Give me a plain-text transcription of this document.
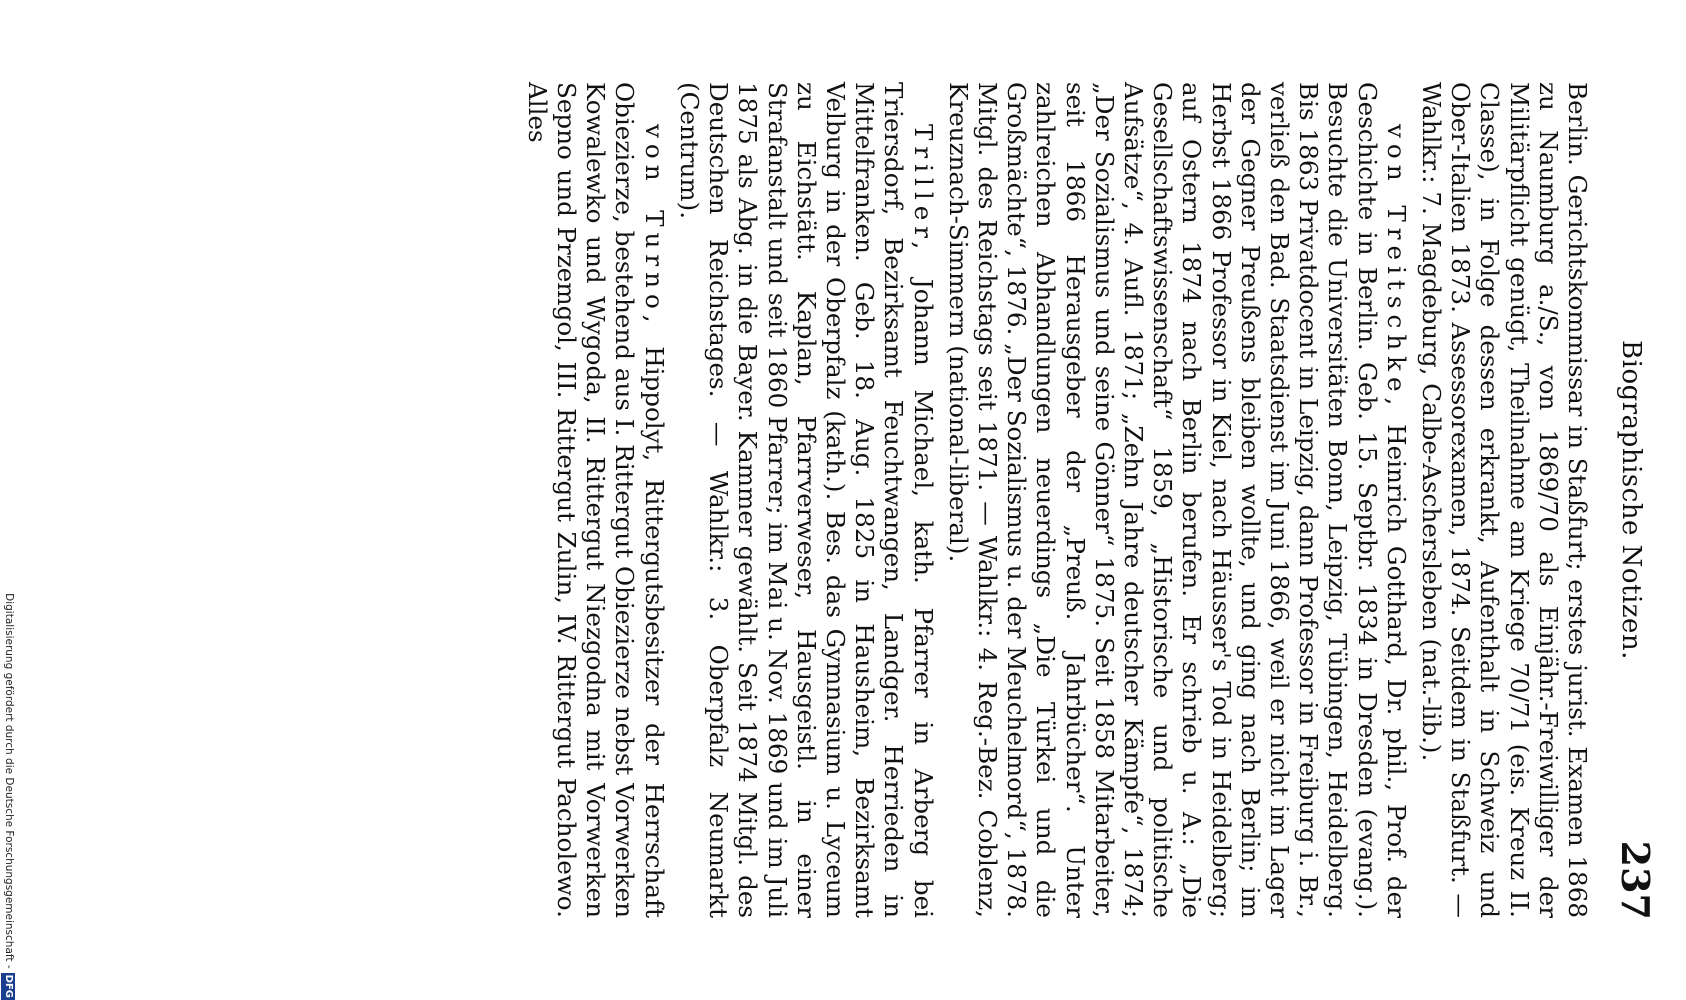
Biographische Notizen.
237

Berlin. Gerichtskommissar in Staßfurt; erstes jurist. Examen 1868 zu Naumburg a./S., von 1869/70 als Einjähr.-Freiwilliger der Militärpflicht genügt, Theilnahme am Kriege 70/71 (eis. Kreuz II. Classe), in Folge dessen erkrankt, Aufenthalt in Schweiz und Ober-Italien 1873. Assessorexamen, 1874. Seitdem in Staßfurt. — Wahlkr.: 7. Magdeburg, Calbe-Aschersleben (nat.-lib.).

von Treitschke, Heinrich Gotthard, Dr. phil., Prof. der Geschichte in Berlin. Geb. 15. Septbr. 1834 in Dresden (evang.). Besuchte die Universitäten Bonn, Leipzig, Tübingen, Heidelberg. Bis 1863 Privatdocent in Leipzig, dann Professor in Freiburg i. Br., verließ den Bad. Staatsdienst im Juni 1866, weil er nicht im Lager der Gegner Preußens bleiben wollte, und ging nach Berlin; im Herbst 1866 Professor in Kiel, nach Häusser's Tod in Heidelberg; auf Ostern 1874 nach Berlin berufen. Er schrieb u. A.: „Die Gesellschaftswissenschaft“ 1859, „Historische und politische Aufsätze“, 4. Aufl. 1871; „Zehn Jahre deutscher Kämpfe“, 1874; „Der Sozialismus und seine Gönner“ 1875. Seit 1858 Mitarbeiter, seit 1866 Herausgeber der „Preuß. Jahrbücher“. Unter zahlreichen Abhandlungen neuerdings „Die Türkei und die Großmächte“, 1876. „Der Sozialismus u. der Meuchelmord“, 1878. Mitgl. des Reichstags seit 1871. — Wahlkr.: 4. Reg.-Bez. Coblenz, Kreuznach-Simmern (national-liberal).

Triller, Johann Michael, kath. Pfarrer in Arberg bei Triersdorf, Bezirksamt Feuchtwangen, Landger. Herrieden in Mittelfranken. Geb. 18. Aug. 1825 in Hausheim, Bezirksamt Velburg in der Oberpfalz (kath.). Bes. das Gymnasium u. Lyceum zu Eichstätt. Kaplan, Pfarrverweser, Hausgeistl. in einer Strafanstalt und seit 1860 Pfarrer; im Mai u. Nov. 1869 und im Juli 1875 als Abg. in die Bayer. Kammer gewählt. Seit 1874 Mitgl. des Deutschen Reichstages. — Wahlkr.: 3. Oberpfalz Neumarkt (Centrum).

von Turno, Hippolyt, Rittergutsbesitzer der Herrschaft Obiezierze, bestehend aus I. Rittergut Obiezierze nebst Vorwerken Kowalewko und Wygoda, II. Rittergut Niezgodna mit Vorwerken Sepno und Przemgol, III. Rittergut Zulin, IV. Rittergut Pacholewo. Alles

Digitalisierung gefördert durch die Deutsche Forschungsgemeinschaft -DFG
